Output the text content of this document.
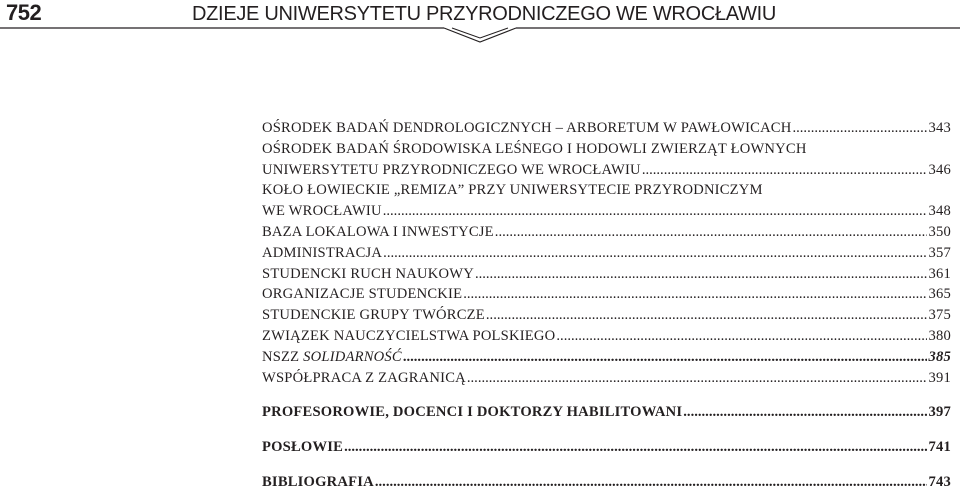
752	DZIEJE UNIWERSYTETU PRZYRODNICZEGO WE WROCŁAWIU
OŚRODEK BADAŃ DENDROLOGICZNYCH – ARBORETUM W PAWŁOWICACH .....	343
OŚRODEK BADAŃ ŚRODOWISKA LEŚNEGO I HODOWLI ZWIERZĄT ŁOWNYCH
UNIWERSYTETU PRZYRODNICZEGO WE WROCŁAWIU .....	346
KOŁO ŁOWIECKIE „REMIZA” PRZY UNIWERSYTECIE PRZYRODNICZYM
WE WROCŁAWIU .....	348
BAZA LOKALOWA I INWESTYCJE .....	350
ADMINISTRACJA .....	357
STUDENCKI RUCH NAUKOWY .....	361
ORGANIZACJE STUDENCKIE .....	365
STUDENCKIE GRUPY TWÓRCZE .....	375
ZWIĄZEK NAUCZYCIELSTWA POLSKIEGO .....	380
NSZZ SOLIDARNOŚĆ .....	385
WSPÓŁPRACA Z ZAGRANICĄ .....	391
PROFESOROWIE, DOCENCI I DOKTORZY HABILITOWANI .....	397
POSŁOWIE .....	741
BIBLIOGRAFIA .....	743
